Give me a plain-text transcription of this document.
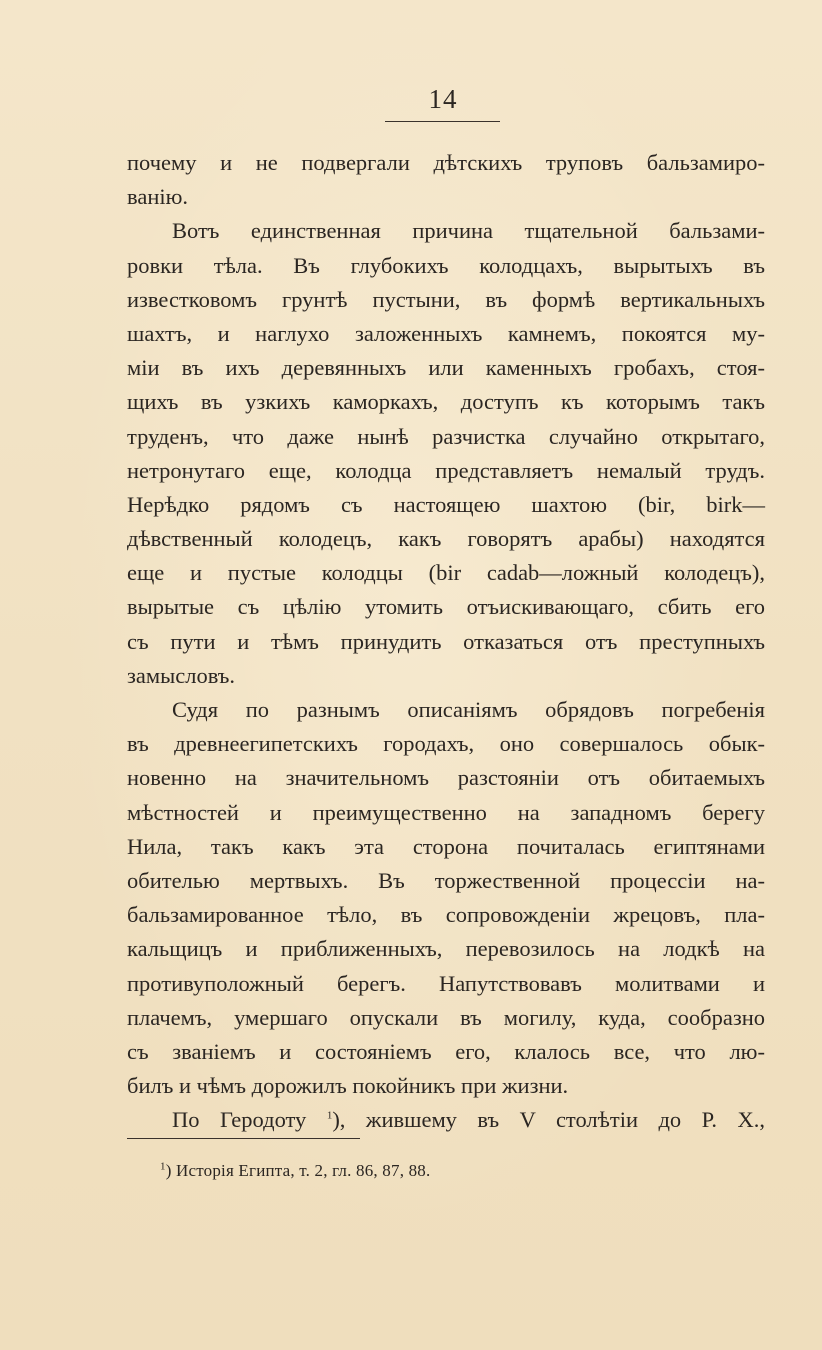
14
почему и не подвергали дѣтскихъ труповъ бальзамиро-
ванію.
Вотъ единственная причина тщательной бальзами-
ровки тѣла. Въ глубокихъ колодцахъ, вырытыхъ въ
известковомъ грунтѣ пустыни, въ формѣ вертикальныхъ
шахтъ, и наглухо заложенныхъ камнемъ, покоятся му-
міи въ ихъ деревянныхъ или каменныхъ гробахъ, стоя-
щихъ въ узкихъ каморкахъ, доступъ къ которымъ такъ
труденъ, что даже нынѣ разчистка случайно открытаго,
нетронутаго еще, колодца представляетъ немалый трудъ.
Нерѣдко рядомъ съ настоящею шахтою (bir, birk—
дѣвственный колодецъ, какъ говорятъ арабы) находятся
еще и пустые колодцы (bir cadab—ложный колодецъ),
вырытые съ цѣлію утомить отъискивающаго, сбить его
съ пути и тѣмъ принудить отказаться отъ преступныхъ
замысловъ.
Судя по разнымъ описаніямъ обрядовъ погребенія
въ древнеегипетскихъ городахъ, оно совершалось обык-
новенно на значительномъ разстояніи отъ обитаемыхъ
мѣстностей и преимущественно на западномъ берегу
Нила, такъ какъ эта сторона почиталась египтянами
обителью мертвыхъ. Въ торжественной процессіи на-
бальзамированное тѣло, въ сопровожденіи жрецовъ, пла-
кальщицъ и приближенныхъ, перевозилось на лодкѣ на
противуположный берегъ. Напутствовавъ молитвами и
плачемъ, умершаго опускали въ могилу, куда, сообразно
съ званіемъ и состояніемъ его, клалось все, что лю-
билъ и чѣмъ дорожилъ покойникъ при жизни.
По Геродоту $^1$), жившему въ V столѣтіи до Р. Х.,
$^1$) Исторія Египта, т. 2, гл. 86, 87, 88.
